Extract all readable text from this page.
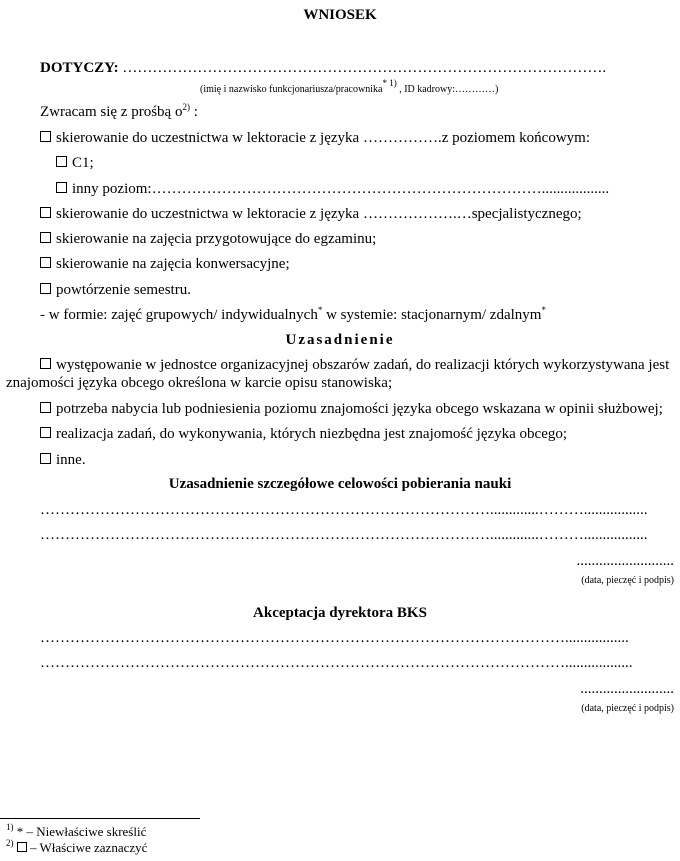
WNIOSEK
DOTYCZY: …………………………………………………………………………………….
(imię i nazwisko funkcjonariusza/pracownika$^{* 1)}$ , ID kadrowy:…………)
Zwracam się z prośbą $o^{2)}$ :
skierowanie do uczestnictwa w lektoracie z języka …………….z poziomem końcowym:
C1;
inny poziom:……………………………………………………………………..................
skierowanie do uczestnictwa w lektoracie z języka ……………….…specjalistycznego;
skierowanie na zajęcia przygotowujące do egzaminu;
skierowanie na zajęcia konwersacyjne;
powtórzenie semestru.
- w formie: zajęć grupowych/ indywidualnych* w systemie: stacjonarnym/ zdalnym*
Uzasadnienie
występowanie w jednostce organizacyjnej obszarów zadań, do realizacji których wykorzystywana jest
znajomości języka obcego określona w karcie opisu stanowiska;
potrzeba nabycia lub podniesienia poziomu znajomości języka obcego wskazana w opinii służbowej;
realizacja zadań, do wykonywania, których niezbędna jest znajomość języka obcego;
inne.
Uzasadnienie szczegółowe celowości pobierania nauki
……………………………………………………………………………….............……….................
……………………………………………………………………………….............……….................
..........................
(data, pieczęć i podpis)
Akceptacja dyrektora BKS
…………………………………………………………………………………………….................
……………………………………………………………………………………………..................
.........................
(data, pieczęć i podpis)
$^{1)}$ * – Niewłaściwe skreślić
$^{2)}$  – Właściwe zaznaczyć
